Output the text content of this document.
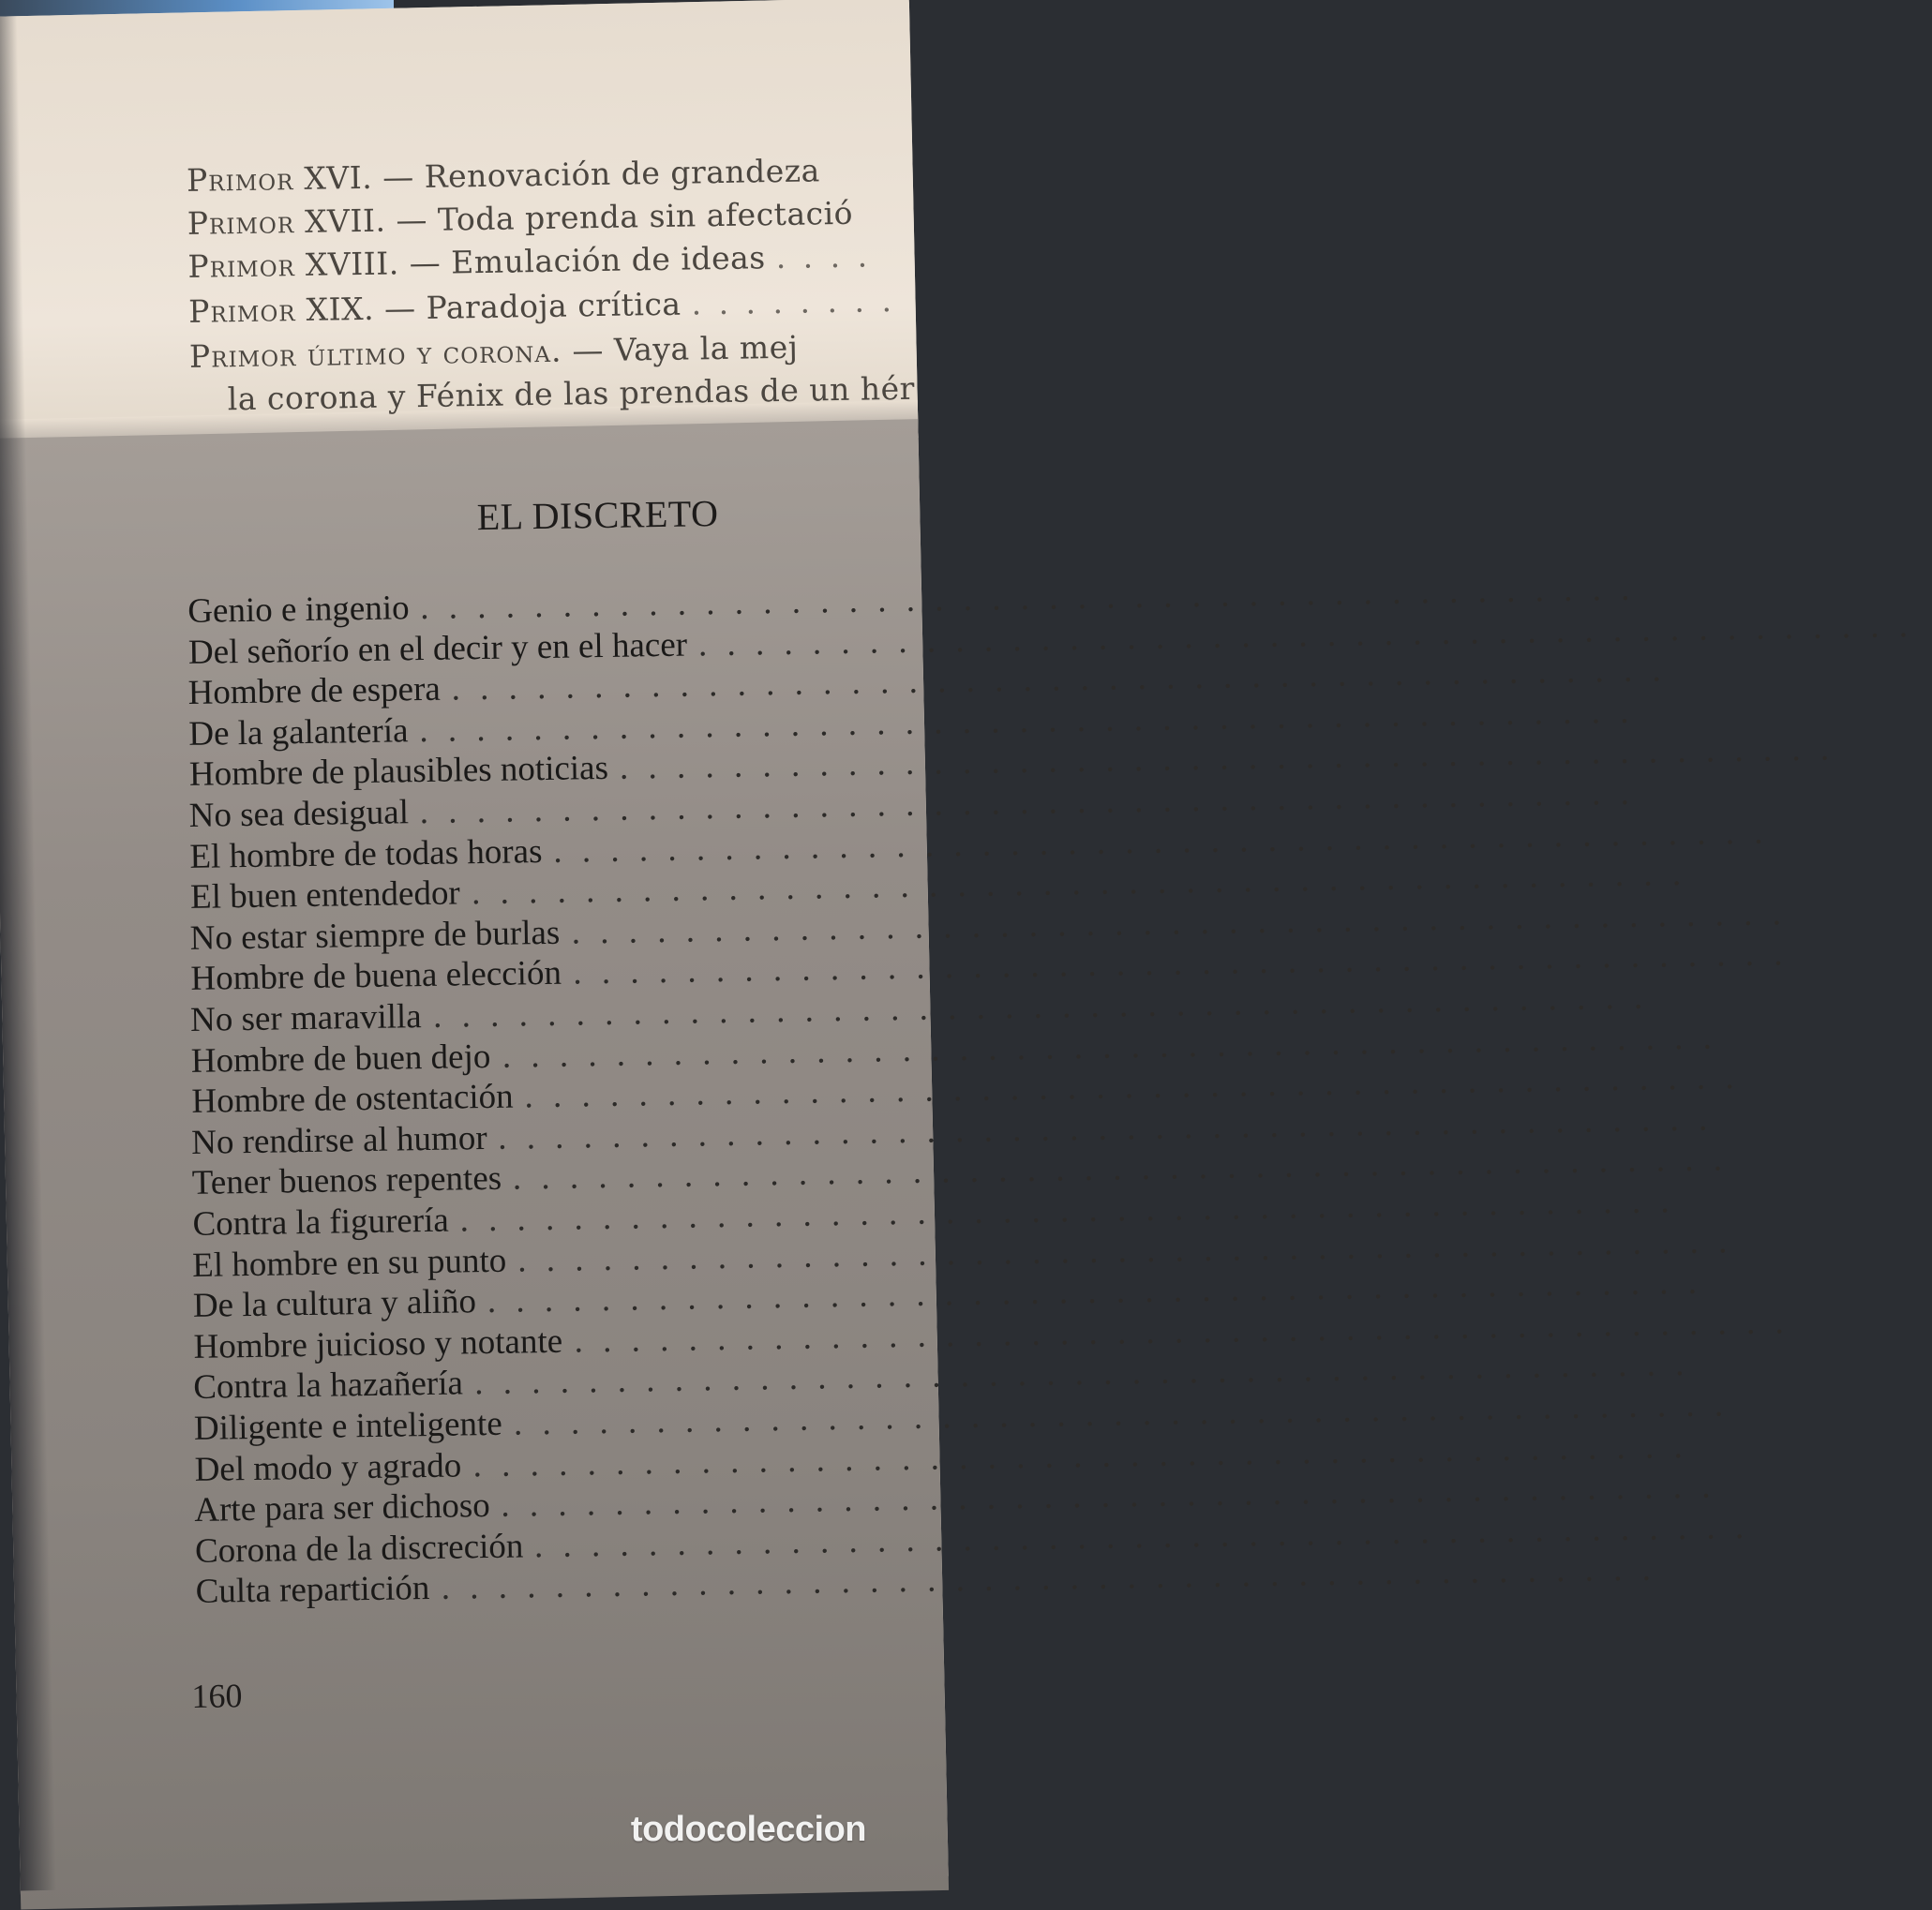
Primor XVI. — Renovación de grandeza
Primor XVII. — Toda prenda sin afectació
Primor XVIII. — Emulación de ideas . . . .
Primor XIX. — Paradoja crítica . . . . . . . .
Primor último y corona. — Vaya la mej
la corona y Fénix de las prendas de un hér
EL DISCRETO
Genio e ingenio . . . . . . . . . . . . . . . . . . . . . . . . . . . . . . . . . . . . . . . . . . .
Del señorío en el decir y en el hacer . . . . . . . . . . . . . . . . . . . . . . . . . . . . . . . . . . . . . . . . . . .
Hombre de espera . . . . . . . . . . . . . . . . . . . . . . . . . . . . . . . . . . . . . . . . . . .
De la galantería . . . . . . . . . . . . . . . . . . . . . . . . . . . . . . . . . . . . . . . . . . .
Hombre de plausibles noticias . . . . . . . . . . . . . . . . . . . . . . . . . . . . . . . . . . . . . . . . . . .
No sea desigual . . . . . . . . . . . . . . . . . . . . . . . . . . . . . . . . . . . . . . . . . . .
El hombre de todas horas . . . . . . . . . . . . . . . . . . . . . . . . . . . . . . . . . . . . . . . . . . .
El buen entendedor . . . . . . . . . . . . . . . . . . . . . . . . . . . . . . . . . . . . . . . . . . .
No estar siempre de burlas . . . . . . . . . . . . . . . . . . . . . . . . . . . . . . . . . . . . . . . . . . .
Hombre de buena elección . . . . . . . . . . . . . . . . . . . . . . . . . . . . . . . . . . . . . . . . . . .
No ser maravilla . . . . . . . . . . . . . . . . . . . . . . . . . . . . . . . . . . . . . . . . . . .
Hombre de buen dejo . . . . . . . . . . . . . . . . . . . . . . . . . . . . . . . . . . . . . . . . . . .
Hombre de ostentación . . . . . . . . . . . . . . . . . . . . . . . . . . . . . . . . . . . . . . . . . . .
No rendirse al humor . . . . . . . . . . . . . . . . . . . . . . . . . . . . . . . . . . . . . . . . . . .
Tener buenos repentes . . . . . . . . . . . . . . . . . . . . . . . . . . . . . . . . . . . . . . . . . . .
Contra la figurería . . . . . . . . . . . . . . . . . . . . . . . . . . . . . . . . . . . . . . . . . . .
El hombre en su punto . . . . . . . . . . . . . . . . . . . . . . . . . . . . . . . . . . . . . . . . . . .
De la cultura y aliño . . . . . . . . . . . . . . . . . . . . . . . . . . . . . . . . . . . . . . . . . . .
Hombre juicioso y notante . . . . . . . . . . . . . . . . . . . . . . . . . . . . . . . . . . . . . . . . . . .
Contra la hazañería . . . . . . . . . . . . . . . . . . . . . . . . . . . . . . . . . . . . . . . . . . .
Diligente e inteligente . . . . . . . . . . . . . . . . . . . . . . . . . . . . . . . . . . . . . . . . . . .
Del modo y agrado . . . . . . . . . . . . . . . . . . . . . . . . . . . . . . . . . . . . . . . . . . .
Arte para ser dichoso . . . . . . . . . . . . . . . . . . . . . . . . . . . . . . . . . . . . . . . . . . .
Corona de la discreción . . . . . . . . . . . . . . . . . . . . . . . . . . . . . . . . . . . . . . . . . . .
Culta repartición . . . . . . . . . . . . . . . . . . . . . . . . . . . . . . . . . . . . . . . . . . .
160
todocoleccion
